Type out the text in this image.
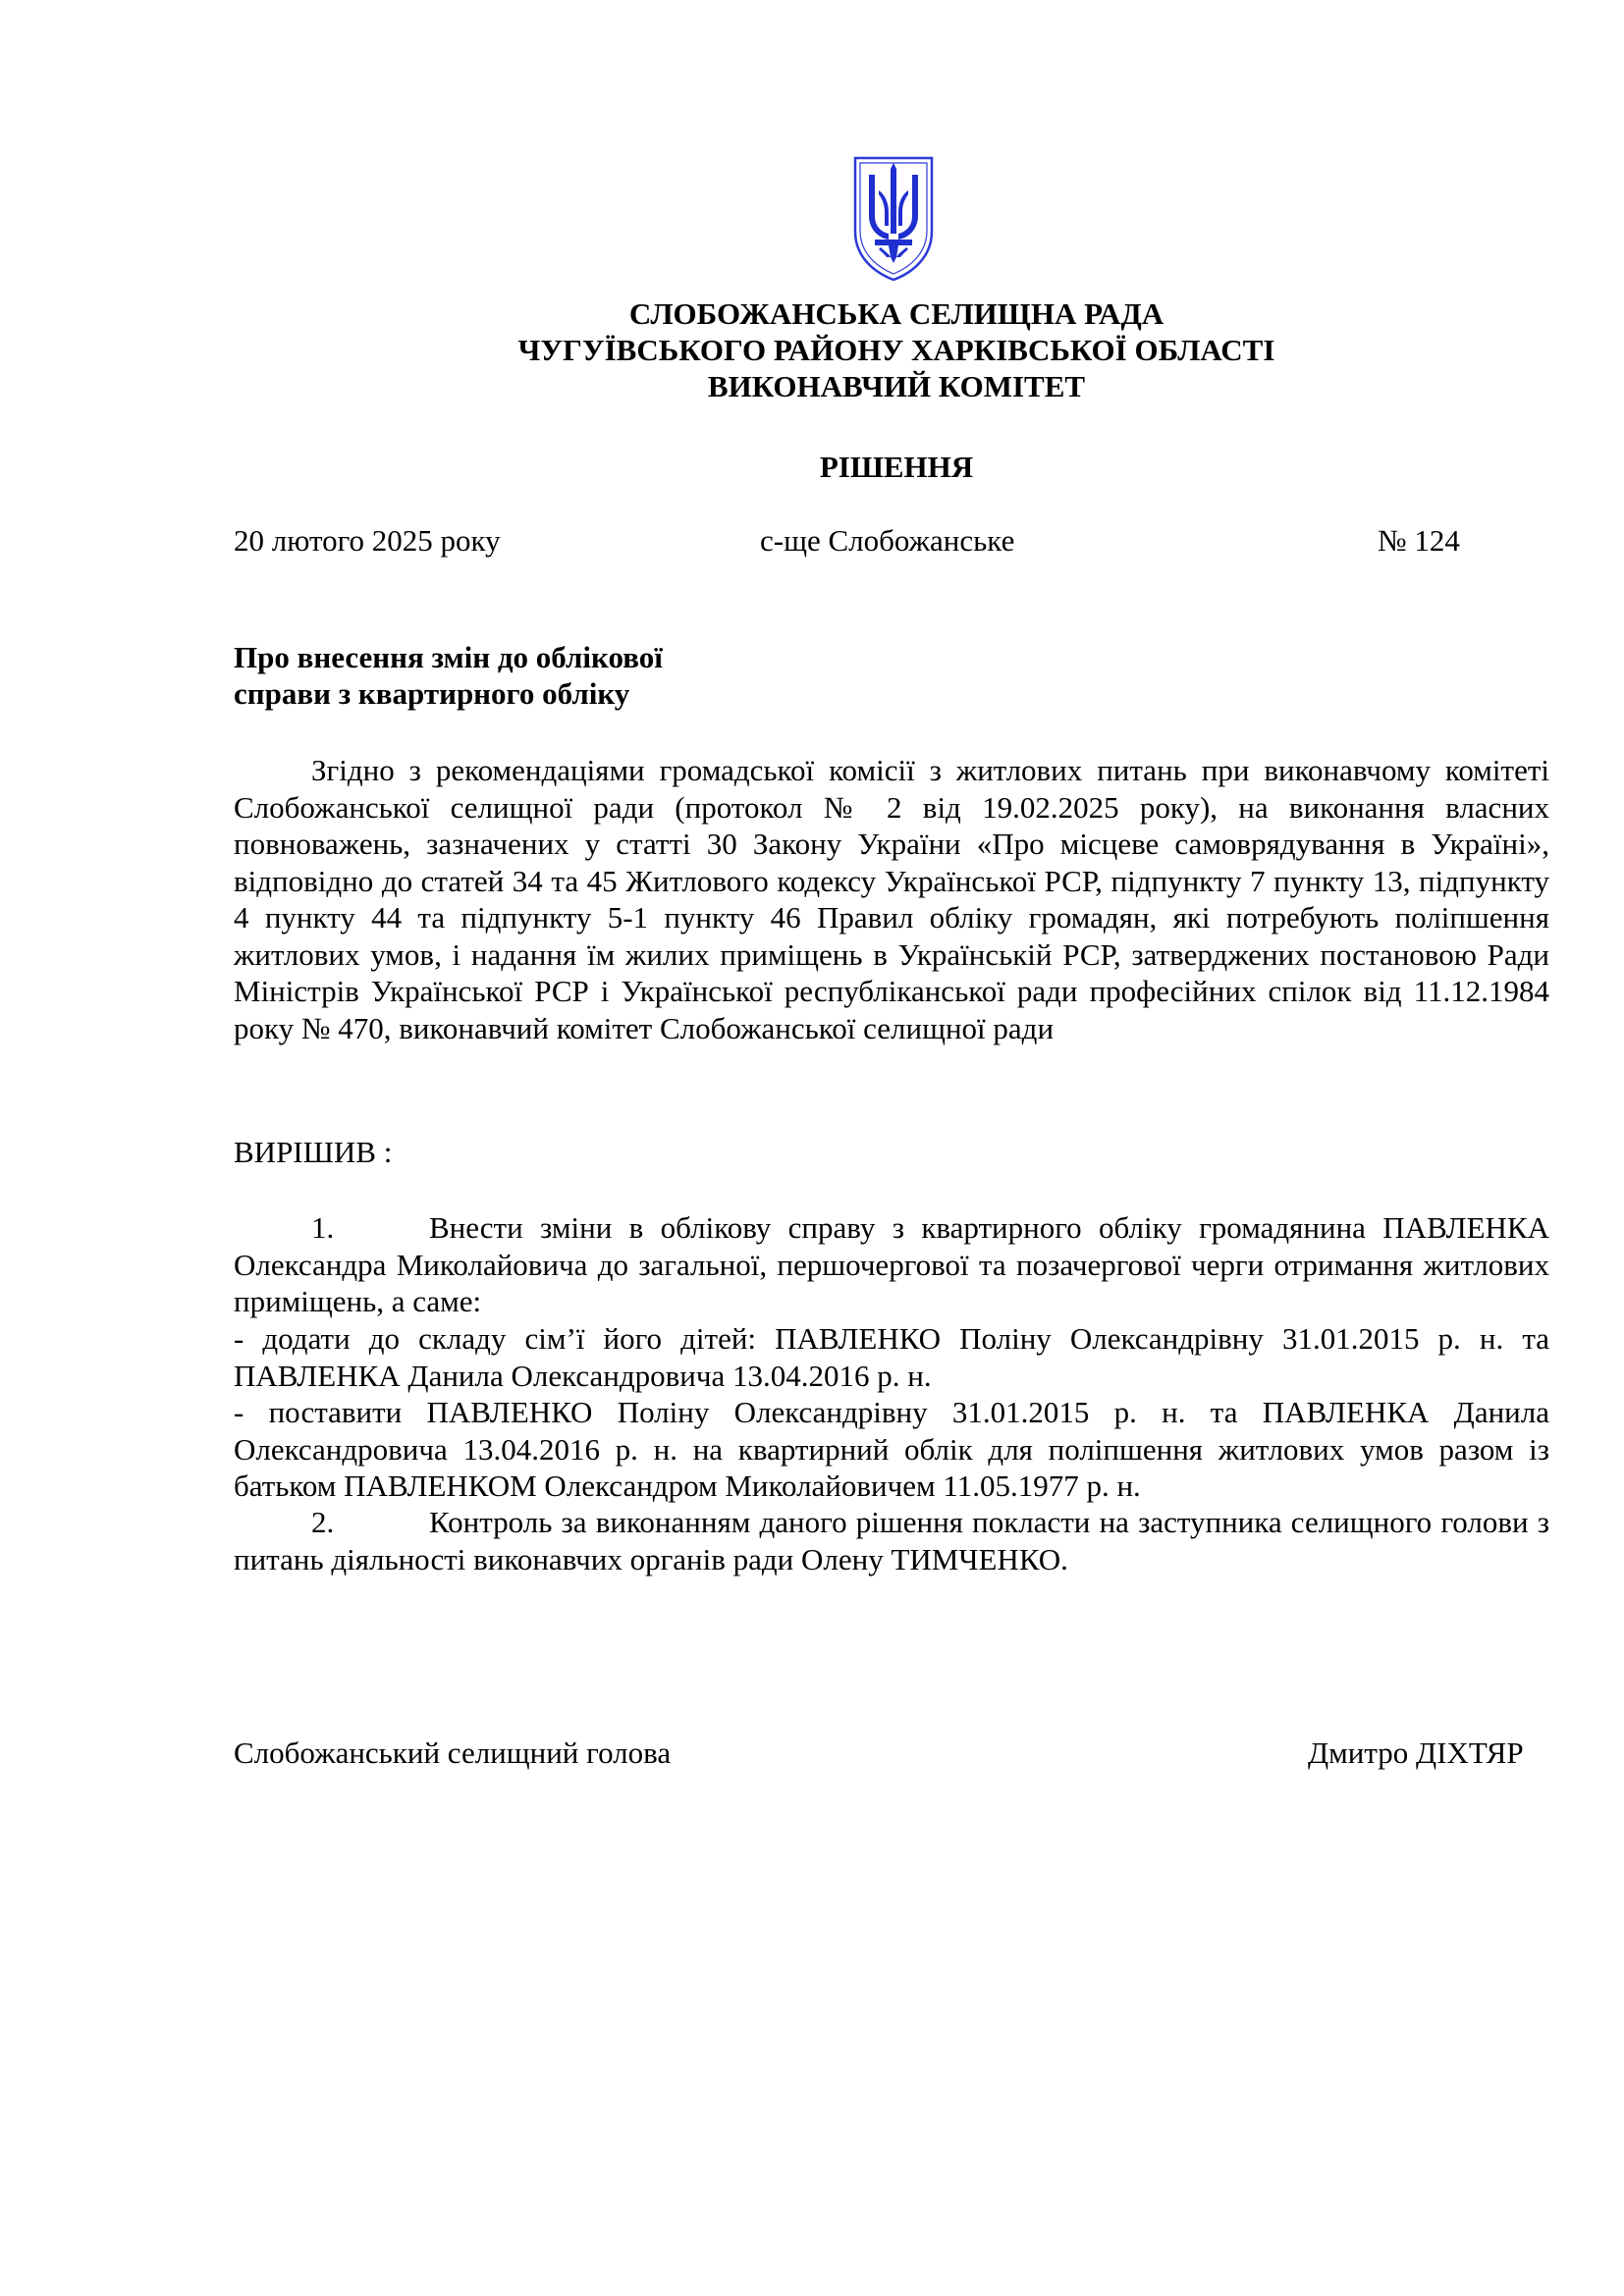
СЛОБОЖАНСЬКА СЕЛИЩНА РАДА
ЧУГУЇВСЬКОГО РАЙОНУ ХАРКІВСЬКОЇ ОБЛАСТІ
ВИКОНАВЧИЙ КОМІТЕТ
РІШЕННЯ
20 лютого 2025 року	с-ще Слобожанське	№ 124
Про внесення змін до облікової
справи з квартирного обліку
Згідно з рекомендаціями громадської комісії з житлових питань при виконавчому комітеті Слобожанської селищної ради (протокол № 2 від 19.02.2025 року), на виконання власних повноважень, зазначених у статті 30 Закону України «Про місцеве самоврядування в Україні», відповідно до статей 34 та 45 Житлового кодексу Української РСР, підпункту 7 пункту 13, підпункту 4 пункту 44 та підпункту 5-1 пункту 46 Правил обліку громадян, які потребують поліпшення житлових умов, і надання їм жилих приміщень в Українській РСР, затверджених постановою Ради Міністрів Української РСР і Української республіканської ради професійних спілок від 11.12.1984 року № 470, виконавчий комітет Слобожанської селищної ради
ВИРІШИВ :
1.	Внести зміни в облікову справу з квартирного обліку громадянина ПАВЛЕНКА Олександра Миколайовича до загальної, першочергової та позачергової черги отримання житлових приміщень, а саме:
- додати до складу сім’ї його дітей: ПАВЛЕНКО Поліну Олександрівну 31.01.2015 р. н. та ПАВЛЕНКА Данила Олександровича 13.04.2016 р. н.
- поставити ПАВЛЕНКО Поліну Олександрівну 31.01.2015 р. н. та ПАВЛЕНКА Данила Олександровича 13.04.2016 р. н. на квартирний облік для поліпшення житлових умов разом із батьком ПАВЛЕНКОМ Олександром Миколайовичем 11.05.1977 р. н.
2.	Контроль за виконанням даного рішення покласти на заступника селищного голови з питань діяльності виконавчих органів ради Олену ТИМЧЕНКО.
Слобожанський селищний голова	Дмитро ДІХТЯР
